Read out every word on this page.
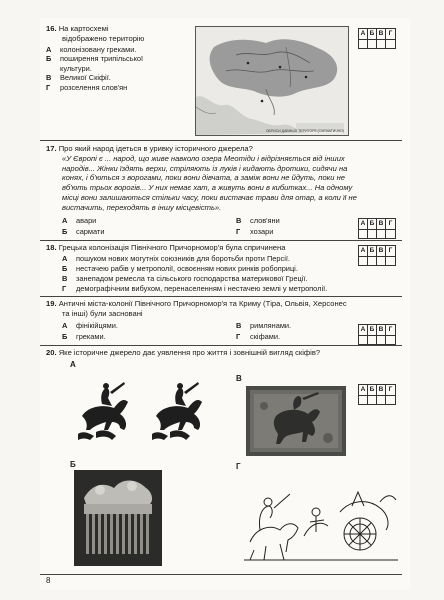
16. На картосхемі
відображено територію
А колонізовану греками.
Б поширення трипільської
культури.
В Великої Скіфії.
Г розселення слов'ян
ОБРИСИ ДАВНЬОЇ ТЕРИТОРІЇ (СХЕМАТИЧНО)
А Б В Г
17. Про який народ ідеться в уривку історичного джерела?
«У Європі є ... народ, що живе навколо озера Меотіди і відрізняється від інших
народів... Жінки їздять верхи, стріляють із луків і кидають дротики, сидячи на
конях, і б'ються з ворогами, поки вони дівчата, а заміж вони не йдуть, поки не
вб'ють трьох ворогів... У них немає хат, а живуть вони в кибитках... На одному
місці вони залишаються стільки часу, поки вистачає трави для отар, а коли її не
вистачить, переходять в іншу місцевість».
А авари	В слов'яни
Б сармати	Г хозари
А Б В Г
18. Грецька колонізація Північного Причорномор'я була спричинена
А пошуком нових могутніх союзників для боротьби проти Персії.
Б нестачею рабів у метрополії, освоєнням нових ринків робоприці.
В занепадом ремесла та сільського господарства материкової Греції.
Г демографічним вибухом, перенаселенням і нестачею землі у метрополії.
А Б В Г
19. Античні міста-колонії Північного Причорномор'я та Криму (Тіра, Ольвія, Херсонес
та інші) були засновані
А фінікійцями.	В римлянами.
Б греками.	Г скіфами.
А Б В Г
20. Яке історичне джерело дає уявлення про життя і зовнішній вигляд скіфів?
А Б В Г
А
В
Б	Г
8
